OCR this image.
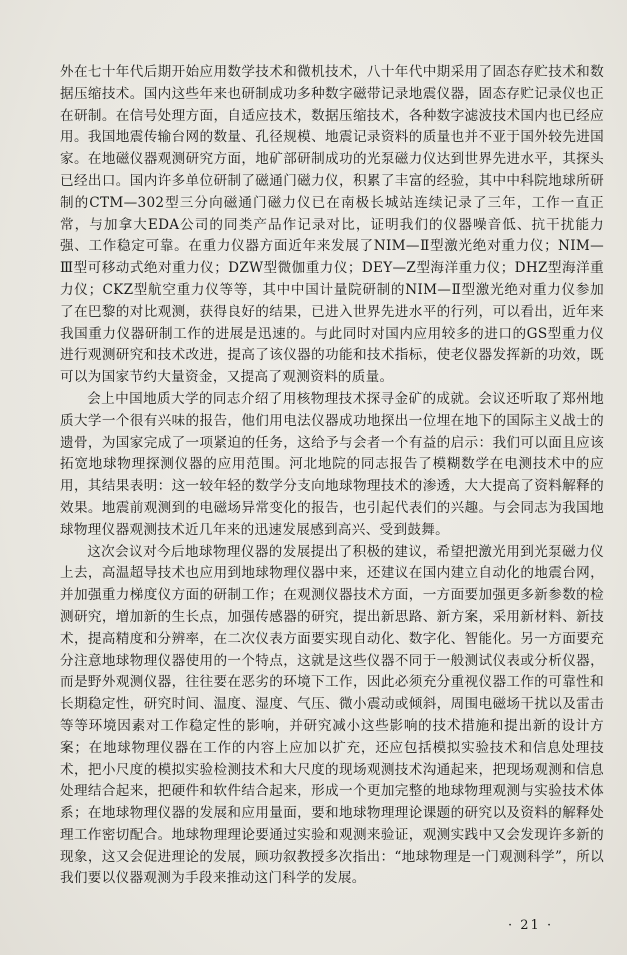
外在七十年代后期开始应用数学技术和微机技术，八十年代中期采用了固态存贮技术和数据压缩技术。国内这些年来也研制成功多种数字磁带记录地震仪器，固态存贮记录仪也正在研制。在信号处理方面，自适应技术，数据压缩技术，各种数字滤波技术国内也已经应用。我国地震传输台网的数量、孔径规模、地震记录资料的质量也并不亚于国外较先进国家。在地磁仪器观测研究方面，地矿部研制成功的光泵磁力仪达到世界先进水平，其探头已经出口。国内许多单位研制了磁通门磁力仪，积累了丰富的经验，其中中科院地球所研制的CTM—302型三分向磁通门磁力仪已在南极长城站连续记录了三年，工作一直正常，与加拿大EDA公司的同类产品作记录对比，证明我们的仪器噪音低、抗干扰能力强、工作稳定可靠。在重力仪器方面近年来发展了NIM—Ⅱ型激光绝对重力仪；NIM—Ⅲ型可移动式绝对重力仪；DZW型微伽重力仪；DEY—Z型海洋重力仪；DHZ型海洋重力仪；CKZ型航空重力仪等等，其中中国计量院研制的NIM—Ⅱ型激光绝对重力仪参加了在巴黎的对比观测，获得良好的结果，已进入世界先进水平的行列，可以看出，近年来我国重力仪器研制工作的进展是迅速的。与此同时对国内应用较多的进口的GS型重力仪进行观测研究和技术改进，提高了该仪器的功能和技术指标，使老仪器发挥新的功效，既可以为国家节约大量资金，又提高了观测资料的质量。

会上中国地质大学的同志介绍了用核物理技术探寻金矿的成就。会议还听取了郑州地质大学一个很有兴味的报告，他们用电法仪器成功地探出一位埋在地下的国际主义战士的遗骨，为国家完成了一项紧迫的任务，这给予与会者一个有益的启示：我们可以面且应该拓宽地球物理探测仪器的应用范围。河北地院的同志报告了模糊数学在电测技术中的应用，其结果表明：这一较年轻的数学分支向地球物理技术的渗透，大大提高了资料解释的效果。地震前观测到的电磁场异常变化的报告，也引起代表们的兴趣。与会同志为我国地球物理仪器观测技术近几年来的迅速发展感到高兴、受到鼓舞。

这次会议对今后地球物理仪器的发展提出了积极的建议，希望把激光用到光泵磁力仪上去，高温超导技术也应用到地球物理仪器中来，还建议在国内建立自动化的地震台网，并加强重力梯度仪方面的研制工作；在观测仪器技术方面，一方面要加强更多新参数的检测研究，增加新的生长点，加强传感器的研究，提出新思路、新方案，采用新材料、新技术，提高精度和分辨率，在二次仪表方面要实现自动化、数字化、智能化。另一方面要充分注意地球物理仪器使用的一个特点，这就是这些仪器不同于一般测试仪表或分析仪器，而是野外观测仪器，往往要在恶劣的环境下工作，因此必须充分重视仪器工作的可靠性和长期稳定性，研究时间、温度、湿度、气压、微小震动或倾斜，周围电磁场干扰以及雷击等等环境因素对工作稳定性的影响，并研究减小这些影响的技术措施和提出新的设计方案；在地球物理仪器在工作的内容上应加以扩充，还应包括模拟实验技术和信息处理技术，把小尺度的模拟实验检测技术和大尺度的现场观测技术沟通起来，把现场观测和信息处理结合起来，把硬件和软件结合起来，形成一个更加完整的地球物理观测与实验技术体系；在地球物理仪器的发展和应用量面，要和地球物理理论课题的研究以及资料的解释处理工作密切配合。地球物理理论要通过实验和观测来验证，观测实践中又会发现许多新的现象，这又会促进理论的发展，顾功叙教授多次指出：“地球物理是一门观测科学”，所以我们要以仪器观测为手段来推动这门科学的发展。

· 21 ·
